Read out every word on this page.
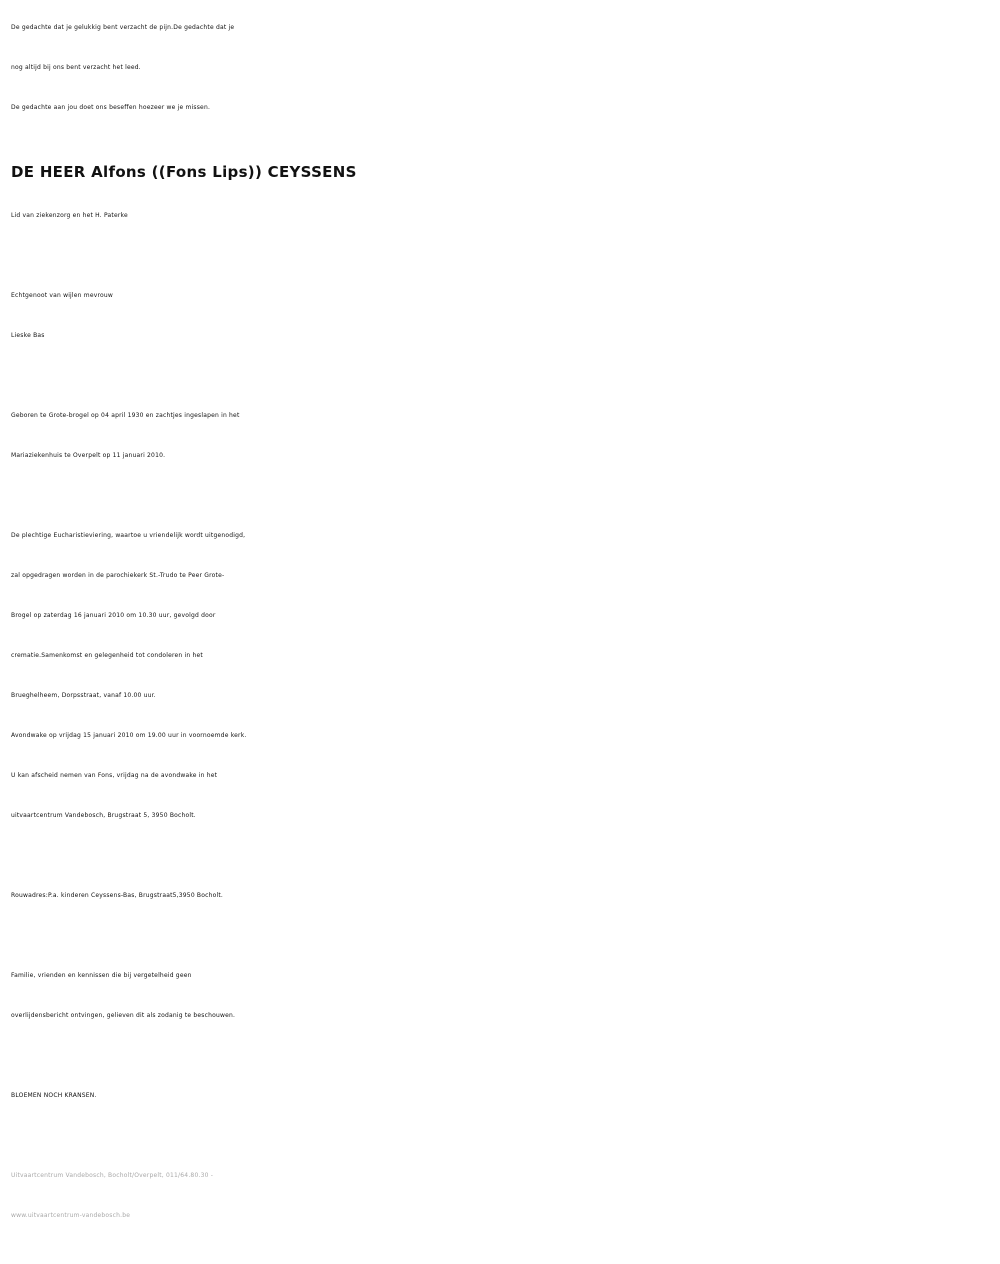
De gedachte dat je gelukkig bent verzacht de pijn.De gedachte dat je
nog altijd bij ons bent verzacht het leed.
De gedachte aan jou doet ons beseffen hoezeer we je missen.
DE HEER Alfons ((Fons Lips)) CEYSSENS
Lid van ziekenzorg en het H. Paterke
Echtgenoot van wijlen mevrouw
Lieske Bas
Geboren te Grote-brogel op 04 april 1930 en zachtjes ingeslapen in het
Mariaziekenhuis te Overpelt op 11 januari 2010.
De plechtige Eucharistieviering, waartoe u vriendelijk wordt uitgenodigd,
zal opgedragen worden in de parochiekerk St.-Trudo te Peer Grote-
Brogel op zaterdag 16 januari 2010 om 10.30 uur, gevolgd door
crematie.Samenkomst en gelegenheid tot condoleren in het
Brueghelheem, Dorpsstraat, vanaf 10.00 uur.
Avondwake op vrijdag 15 januari 2010 om 19.00 uur in voornoemde kerk.
U kan afscheid nemen van Fons, vrijdag na de avondwake in het
uitvaartcentrum Vandebosch, Brugstraat 5, 3950 Bocholt.
Rouwadres:P.a. kinderen Ceyssens-Bas, Brugstraat5,3950 Bocholt.
Familie, vrienden en kennissen die bij vergetelheid geen
overlijdensbericht ontvingen, gelieven dit als zodanig te beschouwen.
BLOEMEN NOCH KRANSEN.
Uitvaartcentrum Vandebosch, Bocholt/Overpelt, 011/64.80.30 -
www.uitvaartcentrum-vandebosch.be
